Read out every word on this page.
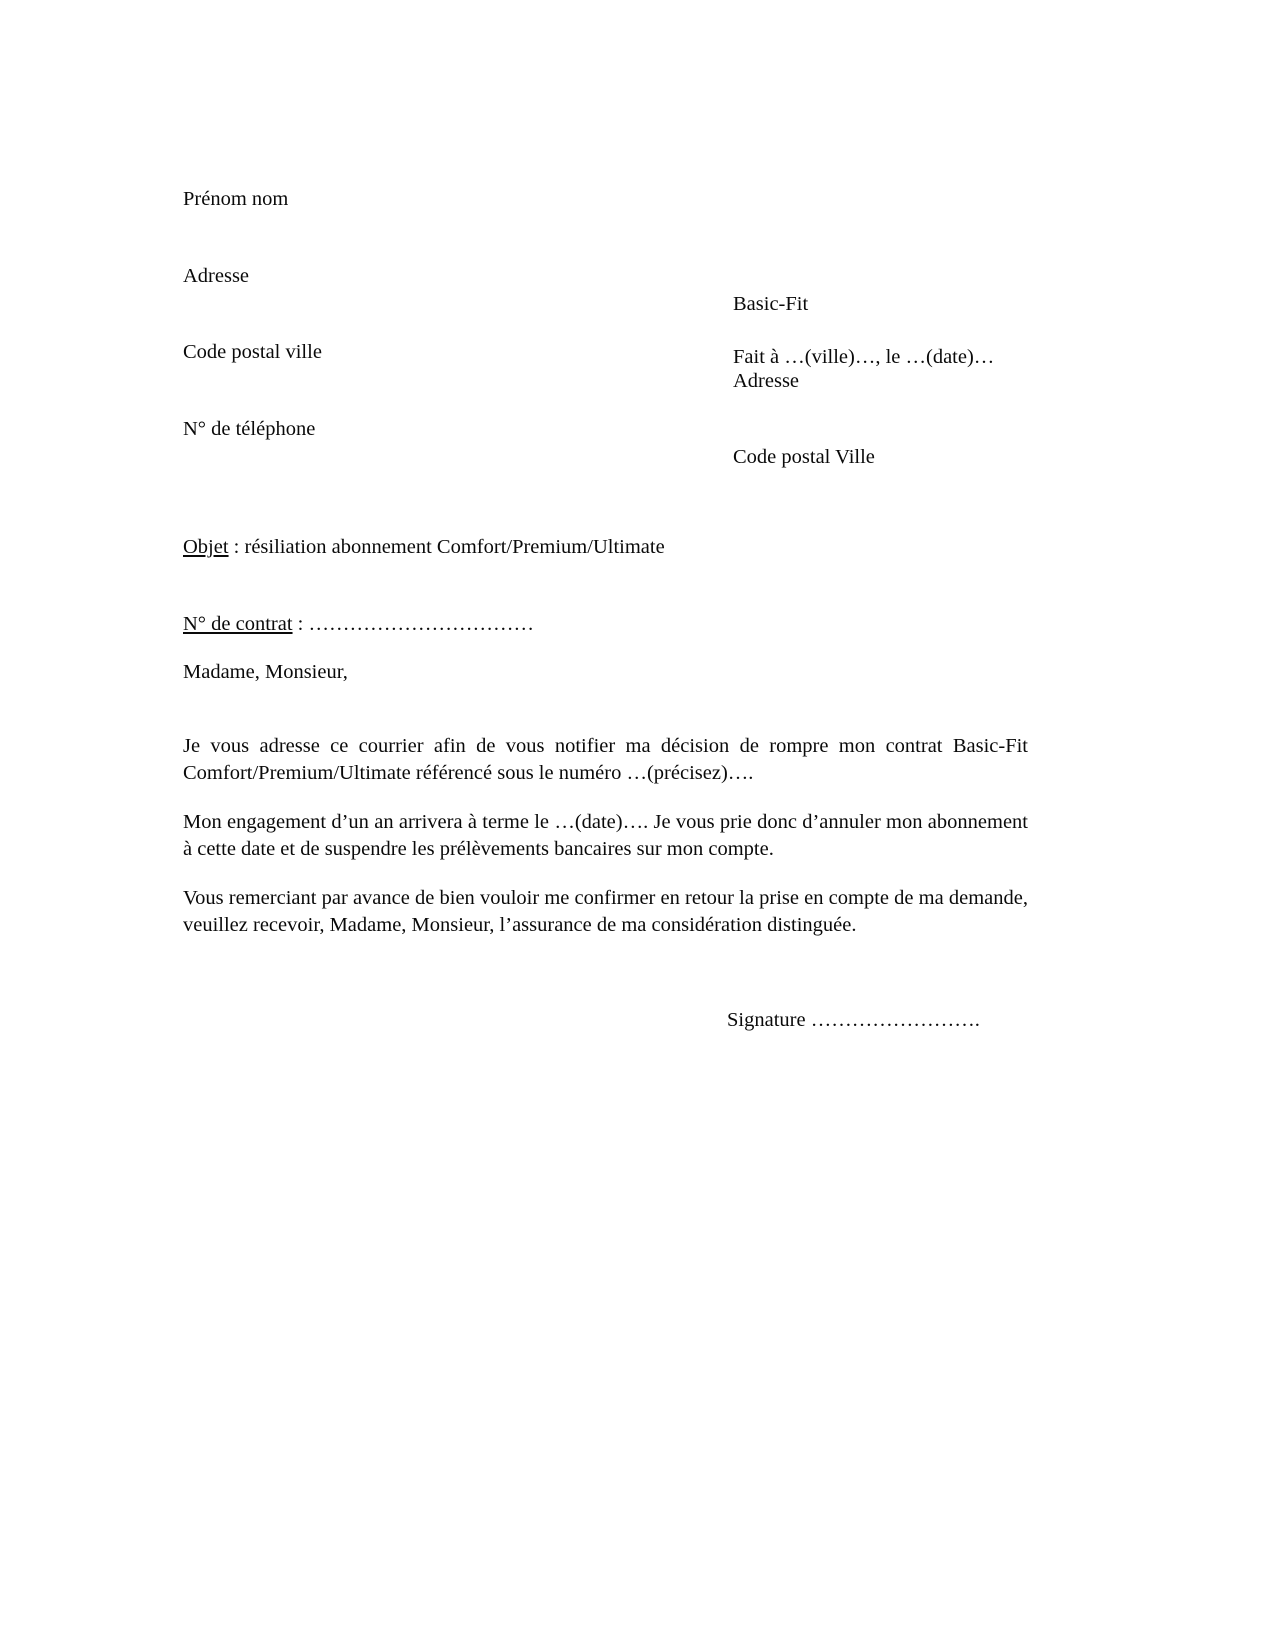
Prénom nom

Adresse

Code postal ville

N° de téléphone

Basic-Fit

Adresse

Code postal Ville

Fait à …(ville)…, le …(date)…

Objet : résiliation abonnement Comfort/Premium/Ultimate

N° de contrat : ……………………………

Madame, Monsieur,

Je vous adresse ce courrier afin de vous notifier ma décision de rompre mon contrat Basic-Fit Comfort/Premium/Ultimate référencé sous le numéro …(précisez)….

Mon engagement d’un an arrivera à terme le …(date)…. Je vous prie donc d’annuler mon abonnement à cette date et de suspendre les prélèvements bancaires sur mon compte.

Vous remerciant par avance de bien vouloir me confirmer en retour la prise en compte de ma demande, veuillez recevoir, Madame, Monsieur, l’assurance de ma considération distinguée.

Signature …………………….
